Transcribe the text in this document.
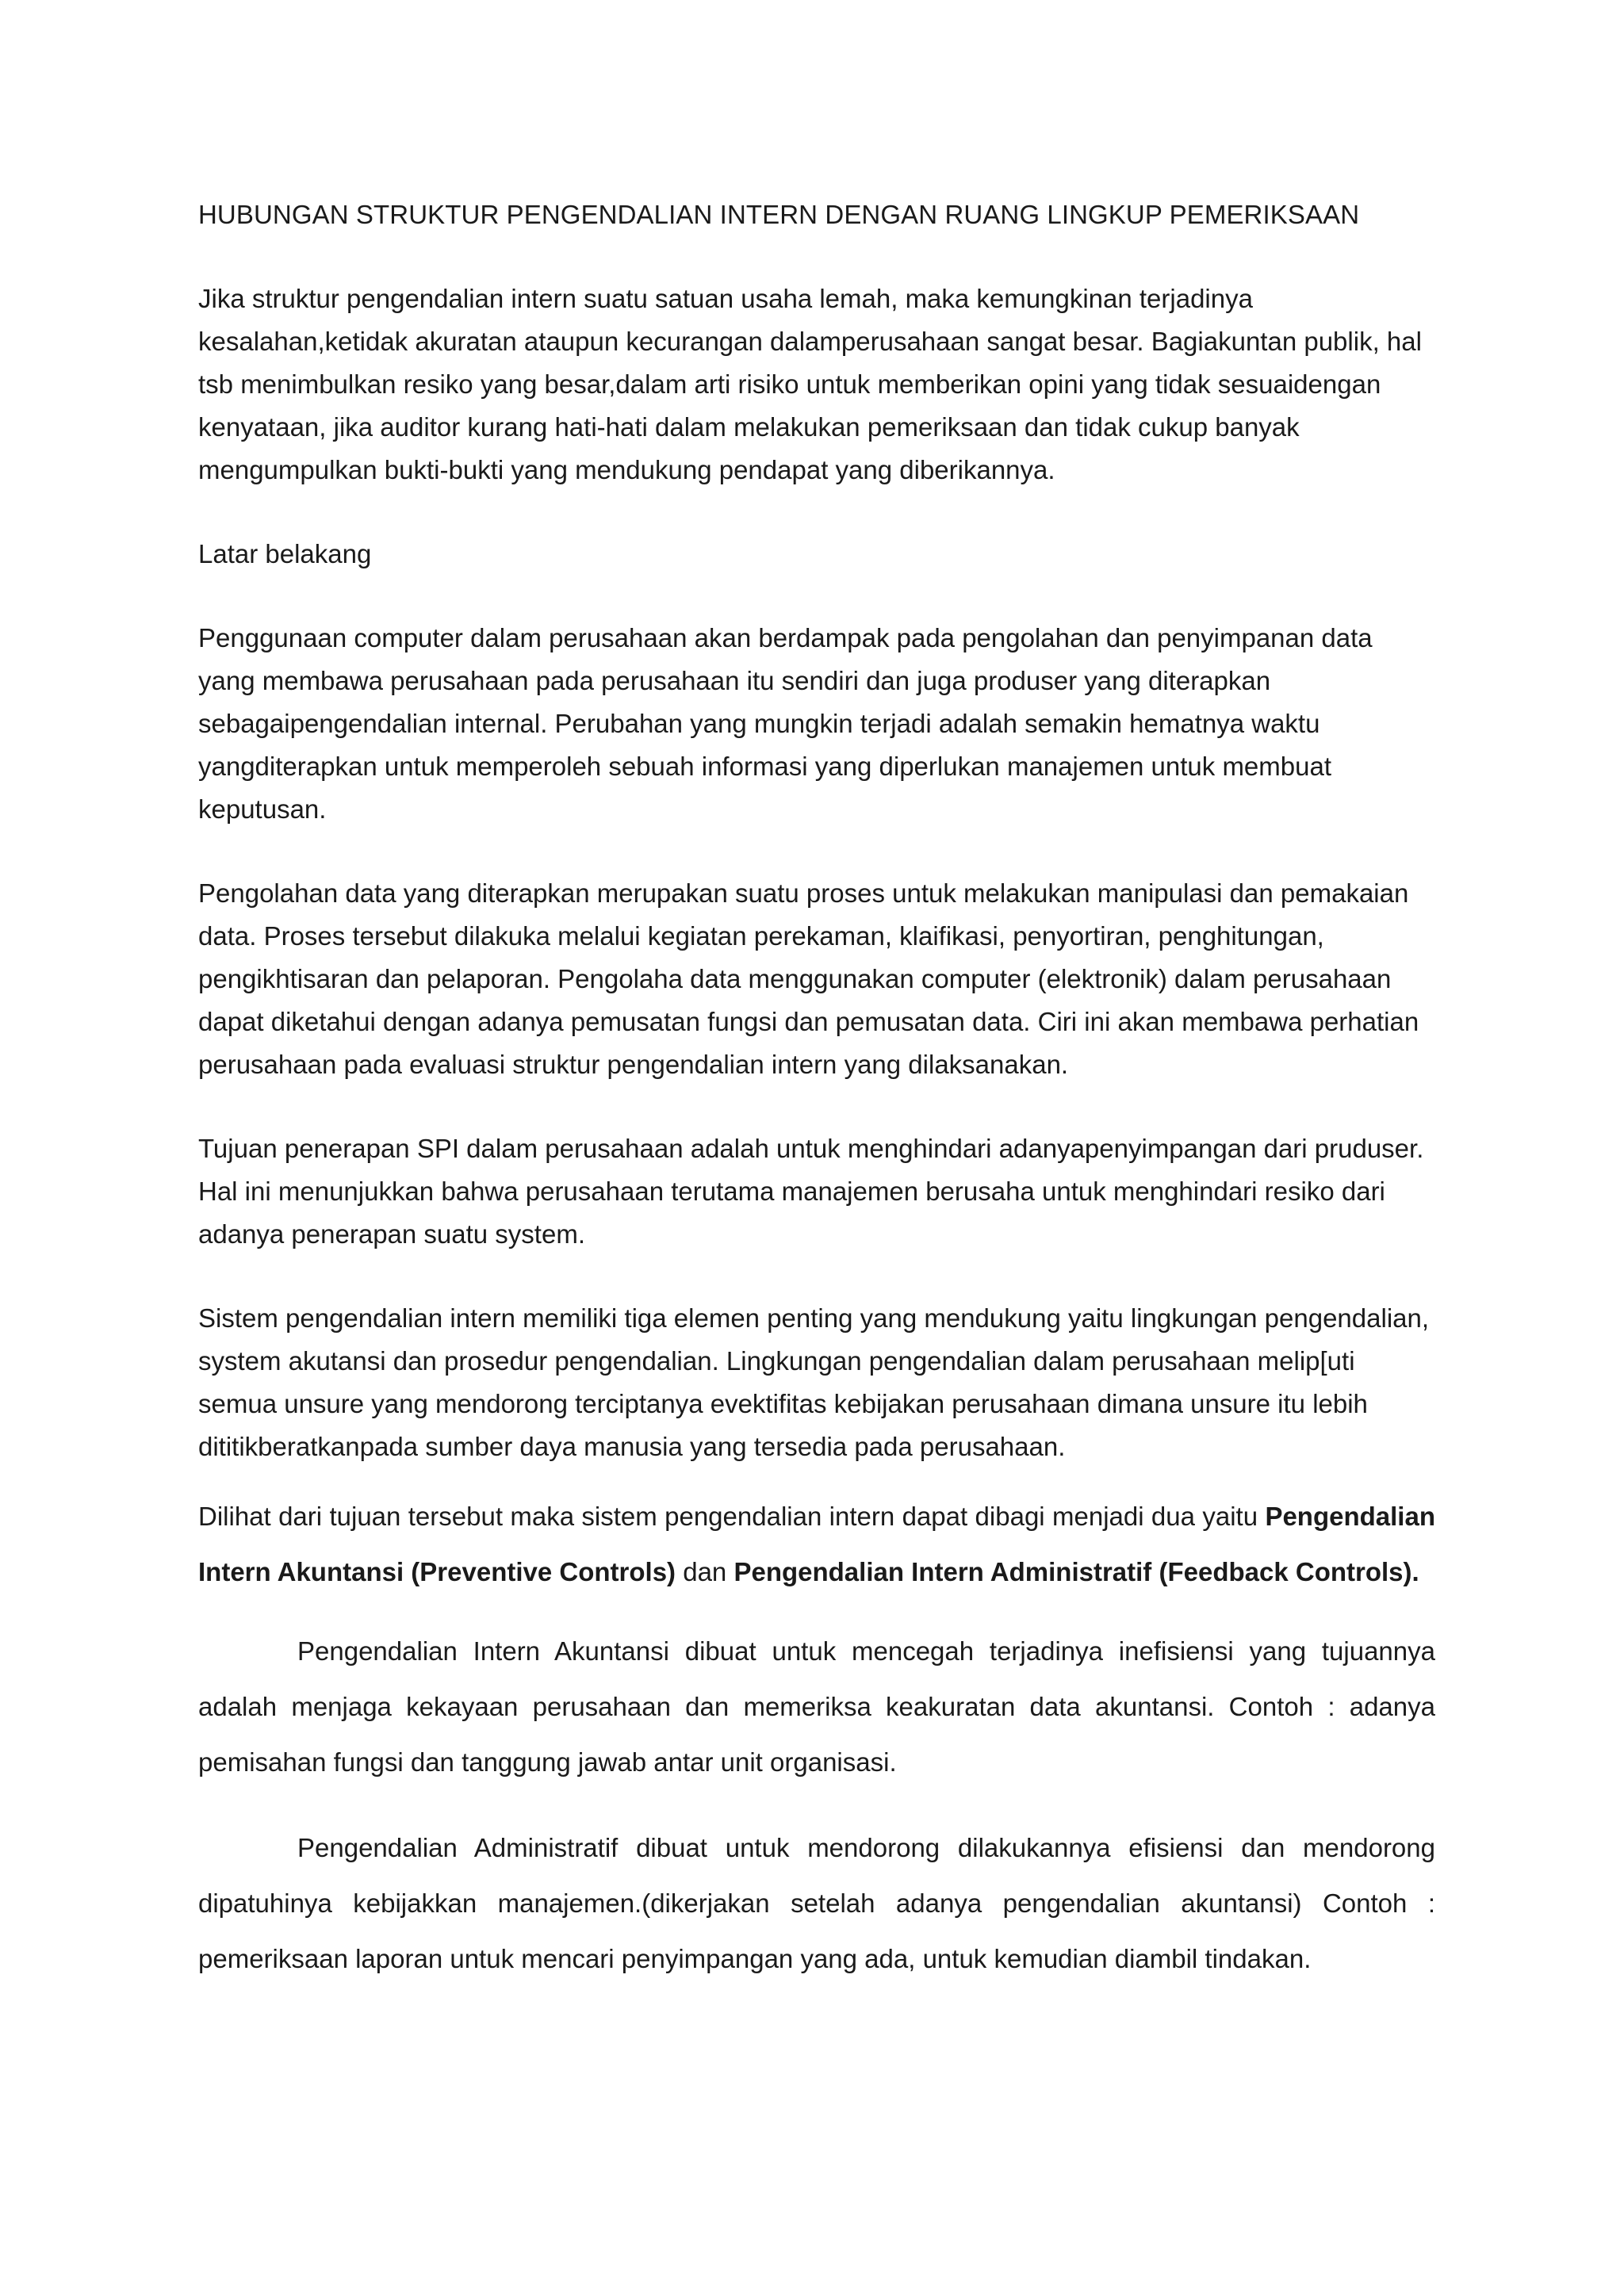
HUBUNGAN STRUKTUR PENGENDALIAN INTERN DENGAN RUANG LINGKUP PEMERIKSAAN

Jika struktur pengendalian intern suatu satuan usaha lemah, maka kemungkinan terjadinya kesalahan,ketidak akuratan ataupun kecurangan dalamperusahaan sangat besar. Bagiakuntan publik, hal tsb menimbulkan resiko yang besar,dalam arti risiko untuk memberikan opini yang tidak sesuaidengan kenyataan, jika auditor kurang hati-hati dalam melakukan pemeriksaan dan tidak cukup banyak mengumpulkan bukti-bukti yang mendukung pendapat yang diberikannya.

Latar belakang

Penggunaan computer dalam perusahaan akan berdampak pada pengolahan dan penyimpanan data yang membawa perusahaan pada perusahaan itu sendiri dan juga produser yang diterapkan sebagaipengendalian internal. Perubahan yang mungkin terjadi adalah semakin hematnya waktu yangditerapkan untuk memperoleh sebuah informasi yang diperlukan manajemen untuk membuat keputusan.

Pengolahan data yang diterapkan merupakan suatu proses untuk melakukan manipulasi dan pemakaian data. Proses tersebut dilakuka melalui kegiatan perekaman, klaifikasi, penyortiran, penghitungan, pengikhtisaran dan pelaporan. Pengolaha data menggunakan computer (elektronik) dalam perusahaan dapat diketahui dengan adanya pemusatan fungsi dan pemusatan data. Ciri ini akan membawa perhatian perusahaan pada evaluasi struktur pengendalian intern yang dilaksanakan.

Tujuan penerapan SPI dalam perusahaan adalah untuk menghindari adanyapenyimpangan dari pruduser. Hal ini menunjukkan bahwa perusahaan terutama manajemen berusaha untuk menghindari resiko dari adanya penerapan suatu system.

Sistem pengendalian intern memiliki tiga elemen penting yang mendukung yaitu lingkungan pengendalian, system akutansi dan prosedur pengendalian. Lingkungan pengendalian dalam perusahaan melip[uti semua unsure yang mendorong terciptanya evektifitas kebijakan perusahaan dimana unsure itu lebih dititikberatkanpada sumber daya manusia yang tersedia pada perusahaan.

Dilihat dari tujuan tersebut maka sistem pengendalian intern dapat dibagi menjadi dua yaitu Pengendalian Intern Akuntansi (Preventive Controls) dan Pengendalian Intern Administratif (Feedback Controls).

Pengendalian Intern Akuntansi dibuat untuk mencegah terjadinya inefisiensi yang tujuannya adalah menjaga kekayaan perusahaan dan memeriksa keakuratan data akuntansi. Contoh : adanya pemisahan fungsi dan tanggung jawab antar unit organisasi.

Pengendalian Administratif dibuat untuk mendorong dilakukannya efisiensi dan mendorong dipatuhinya kebijakkan manajemen.(dikerjakan setelah adanya pengendalian akuntansi) Contoh : pemeriksaan laporan untuk mencari penyimpangan yang ada, untuk kemudian diambil tindakan.
